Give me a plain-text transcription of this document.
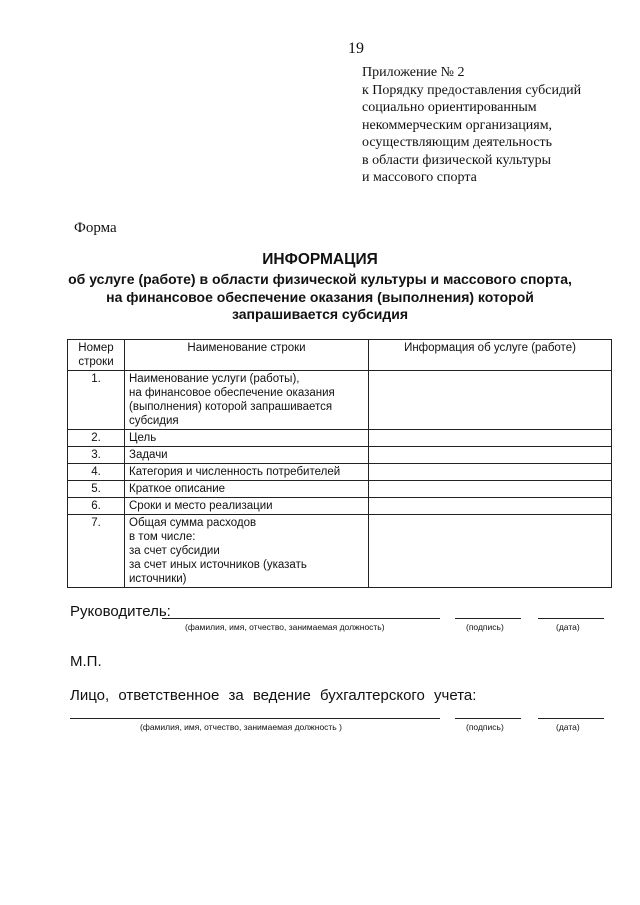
19
Приложение № 2
к Порядку предоставления субсидий
социально ориентированным
некоммерческим организациям,
осуществляющим деятельность
в области физической культуры
и массового спорта
Форма
ИНФОРМАЦИЯ
об услуге (работе) в области физической культуры и массового спорта,
на финансовое обеспечение оказания (выполнения) которой
запрашивается субсидия
Номер
строки	Наименование строки	Информация об услуге (работе)
1.	Наименование услуги (работы),
на финансовое обеспечение оказания
(выполнения) которой запрашивается
субсидия	

2.	Цель	

3.	Задачи	

4.	Категория и численность потребителей	

5.	Краткое описание	

6.	Сроки и место реализации	

7.	Общая сумма расходов
в том числе:
за счет субсидии
за счет иных источников (указать
источники)	

Руководитель:
(фамилия, имя, отчество, занимаемая должность)	(подпись)	(дата)
М.П.
Лицо, ответственное за ведение бухгалтерского учета:
(фамилия, имя, отчество, занимаемая должность )	(подпись)	(дата)
